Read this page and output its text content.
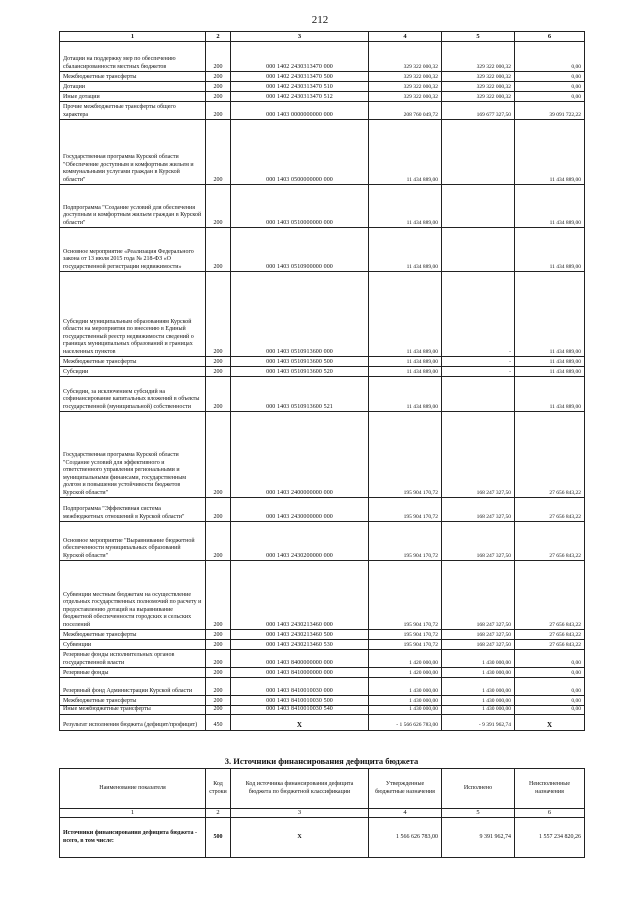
212
1	2	3	4	5	6
Дотации на поддержку мер по обеспечению сбалансированности местных бюджетов	200	000 1402 2430313470 000	329 322 000,32	329 322 000,32	0,00
Межбюджетные трансферты	200	000 1402 2430313470 500	329 322 000,32	329 322 000,32	0,00
Дотации	200	000 1402 2430313470 510	329 322 000,32	329 322 000,32	0,00
Иные дотации	200	000 1402 2430313470 512	329 322 000,32	329 322 000,32	0,00
Прочие межбюджетные трансферты общего характера	200	000 1403 0000000000 000	208 760 049,72	169 677 327,50	39 091 722,22
Государственная программа Курской области "Обеспечение доступным и комфортным жильем и коммунальными услугами граждан в Курской области"	200	000 1403 0500000000 000	11 434 889,00		11 434 889,00
Подпрограмма "Создание условий для обеспечения доступным и комфортным жильем граждан в Курской области"	200	000 1403 0510000000 000	11 434 889,00		11 434 889,00
Основное мероприятие «Реализация Федерального закона от 13 июля 2015 года № 218-ФЗ «О государственной регистрации недвижимости»	200	000 1403 0510900000 000	11 434 889,00		11 434 889,00
Субсидии муниципальным образованиям Курской области на мероприятия по внесению в Единый государственный реестр недвижимости сведений о границах муниципальных образований и границах населенных пунктов	200	000 1403 0510913600 000	11 434 889,00	-	11 434 889,00
Межбюджетные трансферты	200	000 1403 0510913600 500	11 434 889,00	-	11 434 889,00
Субсидии	200	000 1403 0510913600 520	11 434 889,00	-	11 434 889,00
Субсидии, за исключением субсидий на софинансирование капитальных вложений в объекты государственной (муниципальной) собственности	200	000 1403 0510913600 521	11 434 889,00		11 434 889,00
Государственная программа Курской области "Создание условий для эффективного и ответственного управления региональными и муниципальными финансами, государственным долгом и повышения устойчивости бюджетов Курской области"	200	000 1403 2400000000 000	195 904 170,72	168 247 327,50	27 656 843,22
Подпрограмма "Эффективная система межбюджетных отношений в Курской области"	200	000 1403 2430000000 000	195 904 170,72	168 247 327,50	27 656 843,22
Основное мероприятие "Выравнивание бюджетной обеспеченности муниципальных образований Курской области"	200	000 1403 2430200000 000	195 904 170,72	168 247 327,50	27 656 843,22
Субвенции местным бюджетам на осуществление отдельных государственных полномочий по расчету и предоставлению дотаций на выравнивание бюджетной обеспеченности городских и сельских поселений	200	000 1403 2430213460 000	195 904 170,72	168 247 327,50	27 656 843,22
Межбюджетные трансферты	200	000 1403 2430213460 500	195 904 170,72	168 247 327,50	27 656 843,22
Субвенции	200	000 1403 2430213460 530	195 904 170,72	168 247 327,50	27 656 843,22
Резервные фонды исполнительных органов государственной власти	200	000 1403 8400000000 000	1 420 000,00	1 430 000,00	0,00
Резервные фонды	200	000 1403 8410000000 000	1 420 000,00	1 430 000,00	0,00
Резервный фонд Администрации Курской области	200	000 1403 8410010030 000	1 430 000,00	1 430 000,00	0,00
Межбюджетные трансферты	200	000 1403 8410010030 500	1 430 000,00	1 430 000,00	0,00
Иные межбюджетные трансферты	200	000 1403 8410010030 540	1 430 000,00	1 430 000,00	0,00
Результат исполнения бюджета (дефицит/профицит)	450	X	- 1 566 626 783,00	- 9 391 962,74	X
3. Источники финансирования дефицита бюджета
Наименование показателя	Код строки	Код источника финансирования дефицита бюджета по бюджетной классификации	Утвержденные бюджетные назначения	Исполнено	Неисполненные назначения
1	2	3	4	5	6
Источники финансирования дефицита бюджета - всего, в том числе:	500	X	1 566 626 783,00	9 391 962,74	1 557 234 820,26
